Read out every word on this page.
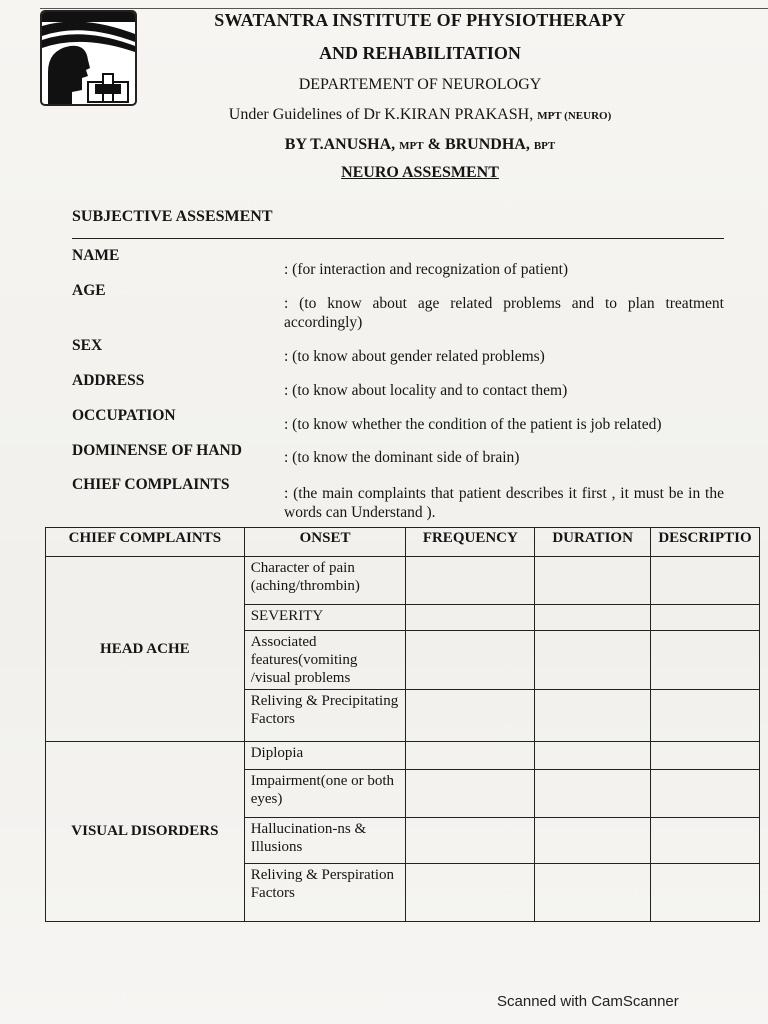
SWATANTRA INSTITUTE OF PHYSIOTHERAPY
AND REHABILITATION
DEPARTEMENT OF NEUROLOGY
Under Guidelines of Dr K.KIRAN PRAKASH, MPT (NEURO)
BY T.ANUSHA, MPT & BRUNDHA, BPT
NEURO ASSESMENT
SUBJECTIVE ASSESMENT
NAME
: (for interaction and recognization of patient)
AGE
: (to know about age related problems and to plan treatment accordingly)
SEX
: (to know about gender related problems)
ADDRESS
: (to know about locality and to contact them)
OCCUPATION
: (to know whether the condition of the patient is job related)
DOMINENSE OF HAND	: (to know the dominant side of brain)
CHIEF COMPLAINTS
: (the main complaints that patient describes it first , it must be in the words can Understand ).
CHIEF COMPLAINTS	ONSET	FREQUENCY	DURATION	DESCRIPTIO
HEAD ACHE	Character of pain (aching/thrombin)			
	SEVERITY			
	Associated features(vomiting /visual problems			
	Reliving & Precipitating Factors			
VISUAL DISORDERS	Diplopia			
	Impairment(one or both eyes)			
	Hallucination-ns & Illusions			
	Reliving & Perspiration Factors			
Scanned with CamScanner
